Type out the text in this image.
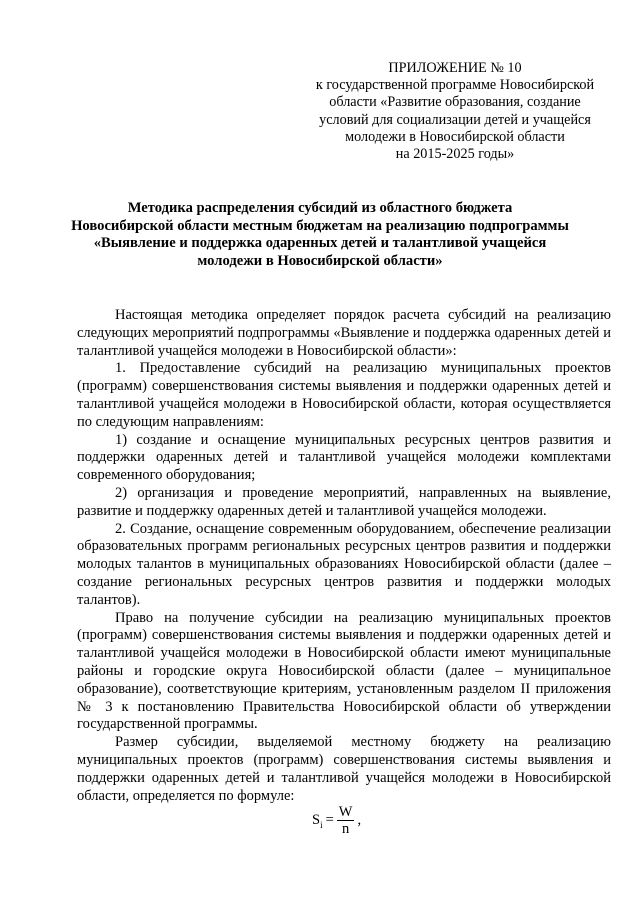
ПРИЛОЖЕНИЕ № 10
к государственной программе Новосибирской
области «Развитие образования, создание
условий для социализации детей и учащейся
молодежи в Новосибирской области
на 2015-2025 годы»
Методика распределения субсидий из областного бюджета
Новосибирской области местным бюджетам на реализацию подпрограммы
«Выявление и поддержка одаренных детей и талантливой учащейся
молодежи в Новосибирской области»

Настоящая методика определяет порядок расчета субсидий на реализацию следующих мероприятий подпрограммы «Выявление и поддержка одаренных детей и талантливой учащейся молодежи в Новосибирской области»:

1. Предоставление субсидий на реализацию муниципальных проектов (программ) совершенствования системы выявления и поддержки одаренных детей и талантливой учащейся молодежи в Новосибирской области, которая осуществляется по следующим направлениям:

1) создание и оснащение муниципальных ресурсных центров развития и поддержки одаренных детей и талантливой учащейся молодежи комплектами современного оборудования;

2) организация и проведение мероприятий, направленных на выявление, развитие и поддержку одаренных детей и талантливой учащейся молодежи.

2. Создание, оснащение современным оборудованием, обеспечение реализации образовательных программ региональных ресурсных центров развития и поддержки молодых талантов в муниципальных образованиях Новосибирской области (далее – создание региональных ресурсных центров развития и поддержки молодых талантов).

Право на получение субсидии на реализацию муниципальных проектов (программ) совершенствования системы выявления и поддержки одаренных детей и талантливой учащейся молодежи в Новосибирской области имеют муниципальные районы и городские округа Новосибирской области (далее – муниципальное образование), соответствующие критериям, установленным разделом II приложения № 3 к постановлению Правительства Новосибирской области об утверждении государственной программы.

Размер субсидии, выделяемой местному бюджету на реализацию муниципальных проектов (программ) совершенствования системы выявления и поддержки одаренных детей и талантливой учащейся молодежи в Новосибирской области, определяется по формуле:

$S_i = \frac{W}{n}$ ,
